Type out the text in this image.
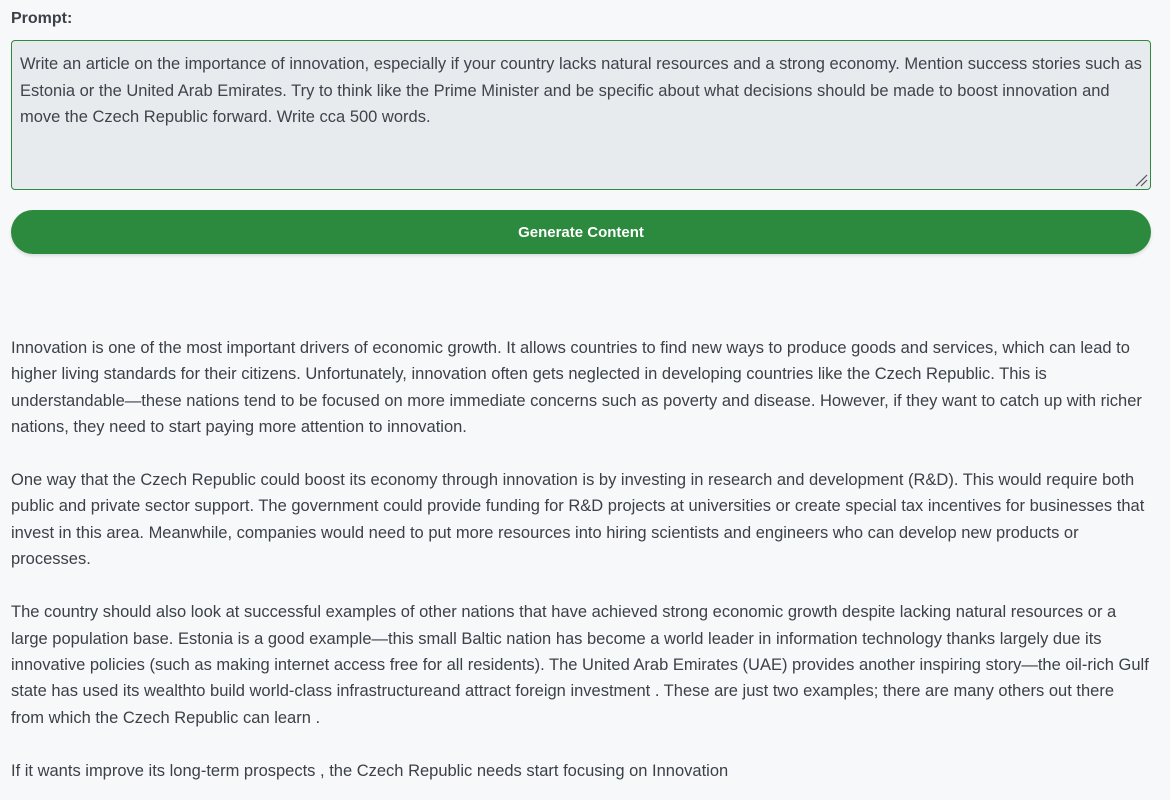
Prompt:
Write an article on the importance of innovation, especially if your country lacks natural resources and a strong economy. Mention success stories such as Estonia or the United Arab Emirates. Try to think like the Prime Minister and be specific about what decisions should be made to boost innovation and move the Czech Republic forward. Write cca 500 words.
Generate Content

Innovation is one of the most important drivers of economic growth. It allows countries to find new ways to produce goods and services, which can lead to higher living standards for their citizens. Unfortunately, innovation often gets neglected in developing countries like the Czech Republic. This is understandable—these nations tend to be focused on more immediate concerns such as poverty and disease. However, if they want to catch up with richer nations, they need to start paying more attention to innovation.

One way that the Czech Republic could boost its economy through innovation is by investing in research and development (R&D). This would require both public and private sector support. The government could provide funding for R&D projects at universities or create special tax incentives for businesses that invest in this area. Meanwhile, companies would need to put more resources into hiring scientists and engineers who can develop new products or processes.

The country should also look at successful examples of other nations that have achieved strong economic growth despite lacking natural resources or a large population base. Estonia is a good example—this small Baltic nation has become a world leader in information technology thanks largely due its innovative policies (such as making internet access free for all residents). The United Arab Emirates (UAE) provides another inspiring story—the oil-rich Gulf state has used its wealthto build world-class infrastructureand attract foreign investment . These are just two examples; there are many others out there from which the Czech Republic can learn .

If it wants improve its long-term prospects , the Czech Republic needs start focusing on Innovation
